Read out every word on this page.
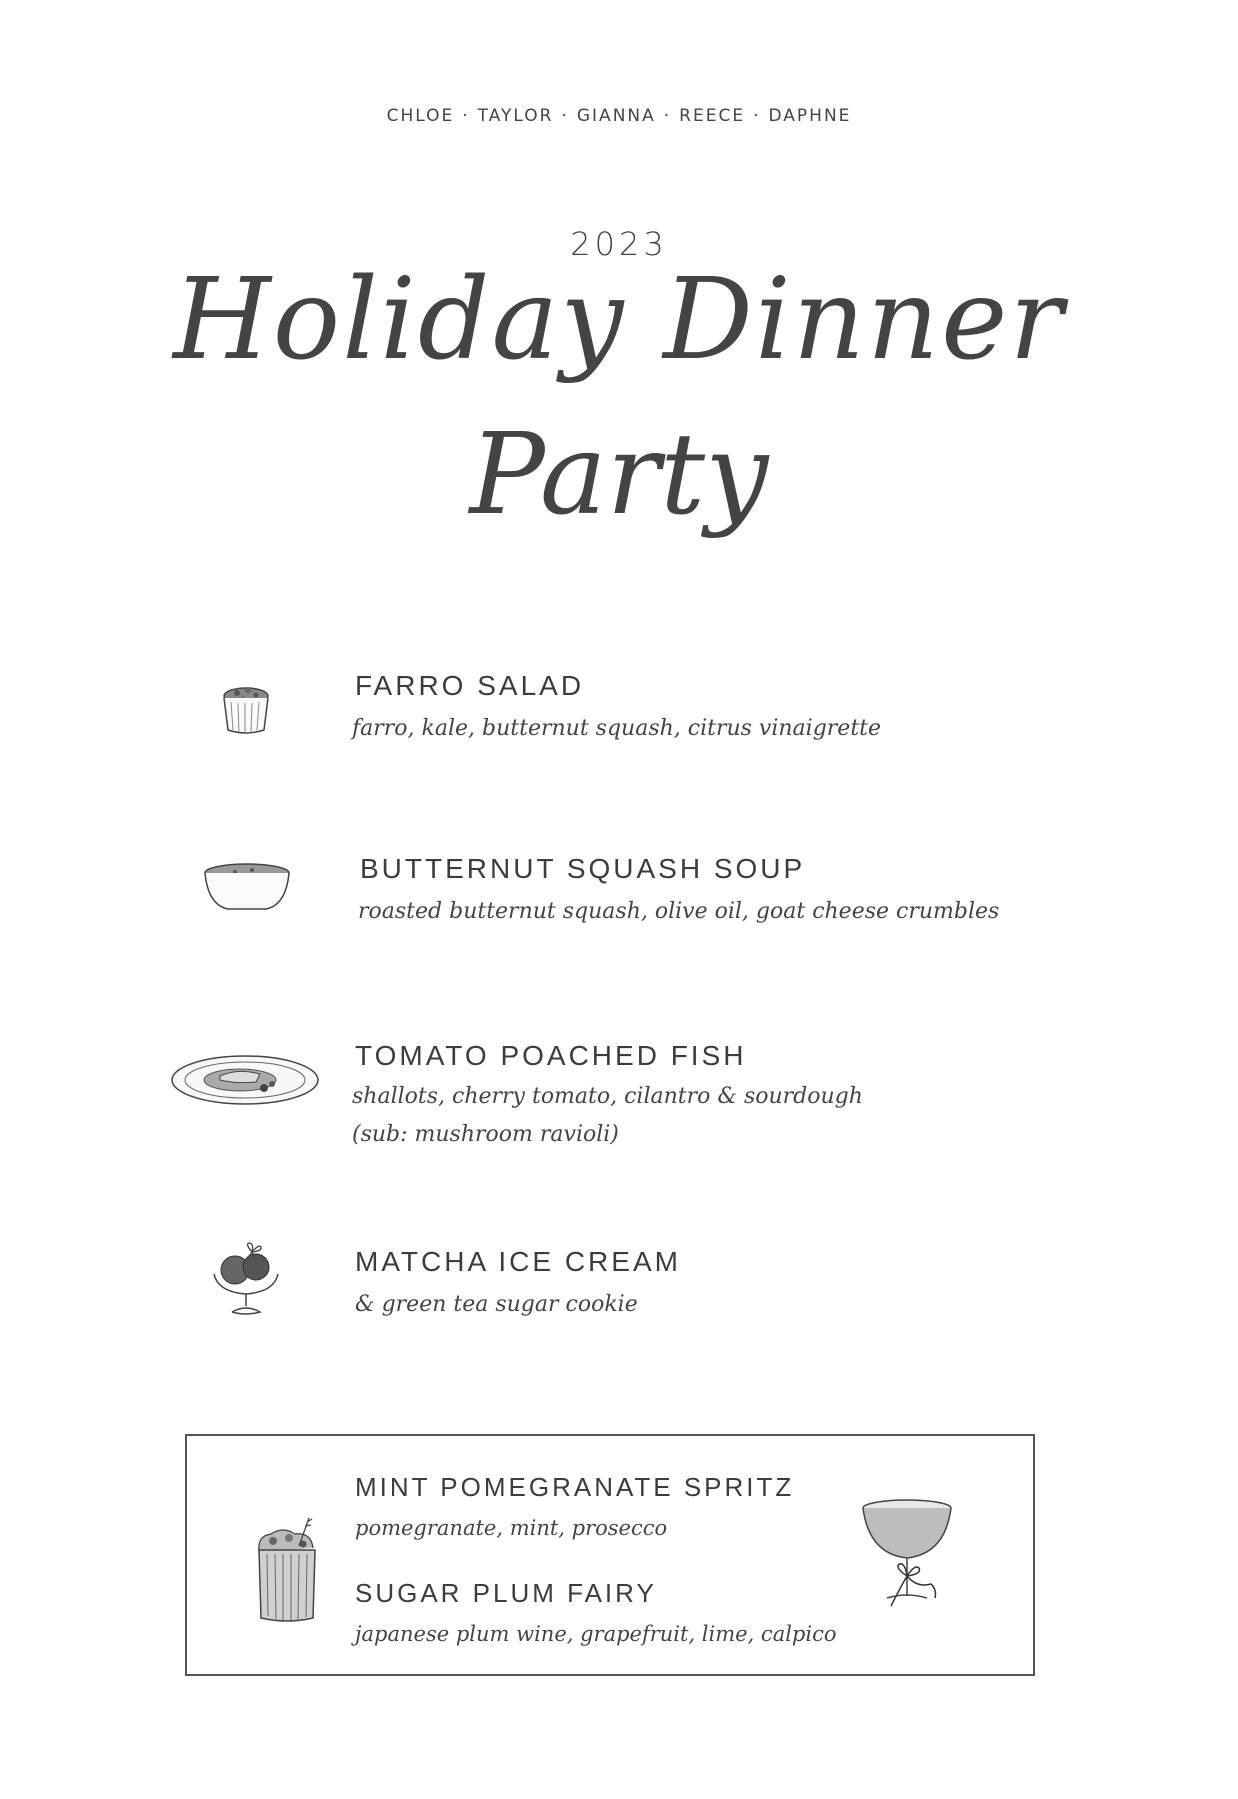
CHLOE · TAYLOR · GIANNA · REECE · DAPHNE
2023
Holiday Dinner
Party
FARRO SALAD
farro, kale, butternut squash, citrus vinaigrette
BUTTERNUT SQUASH SOUP
roasted butternut squash, olive oil, goat cheese crumbles
TOMATO POACHED FISH
shallots, cherry tomato, cilantro & sourdough
(sub: mushroom ravioli)
MATCHA ICE CREAM
& green tea sugar cookie
MINT POMEGRANATE SPRITZ
pomegranate, mint, prosecco
SUGAR PLUM FAIRY
japanese plum wine, grapefruit, lime, calpico
